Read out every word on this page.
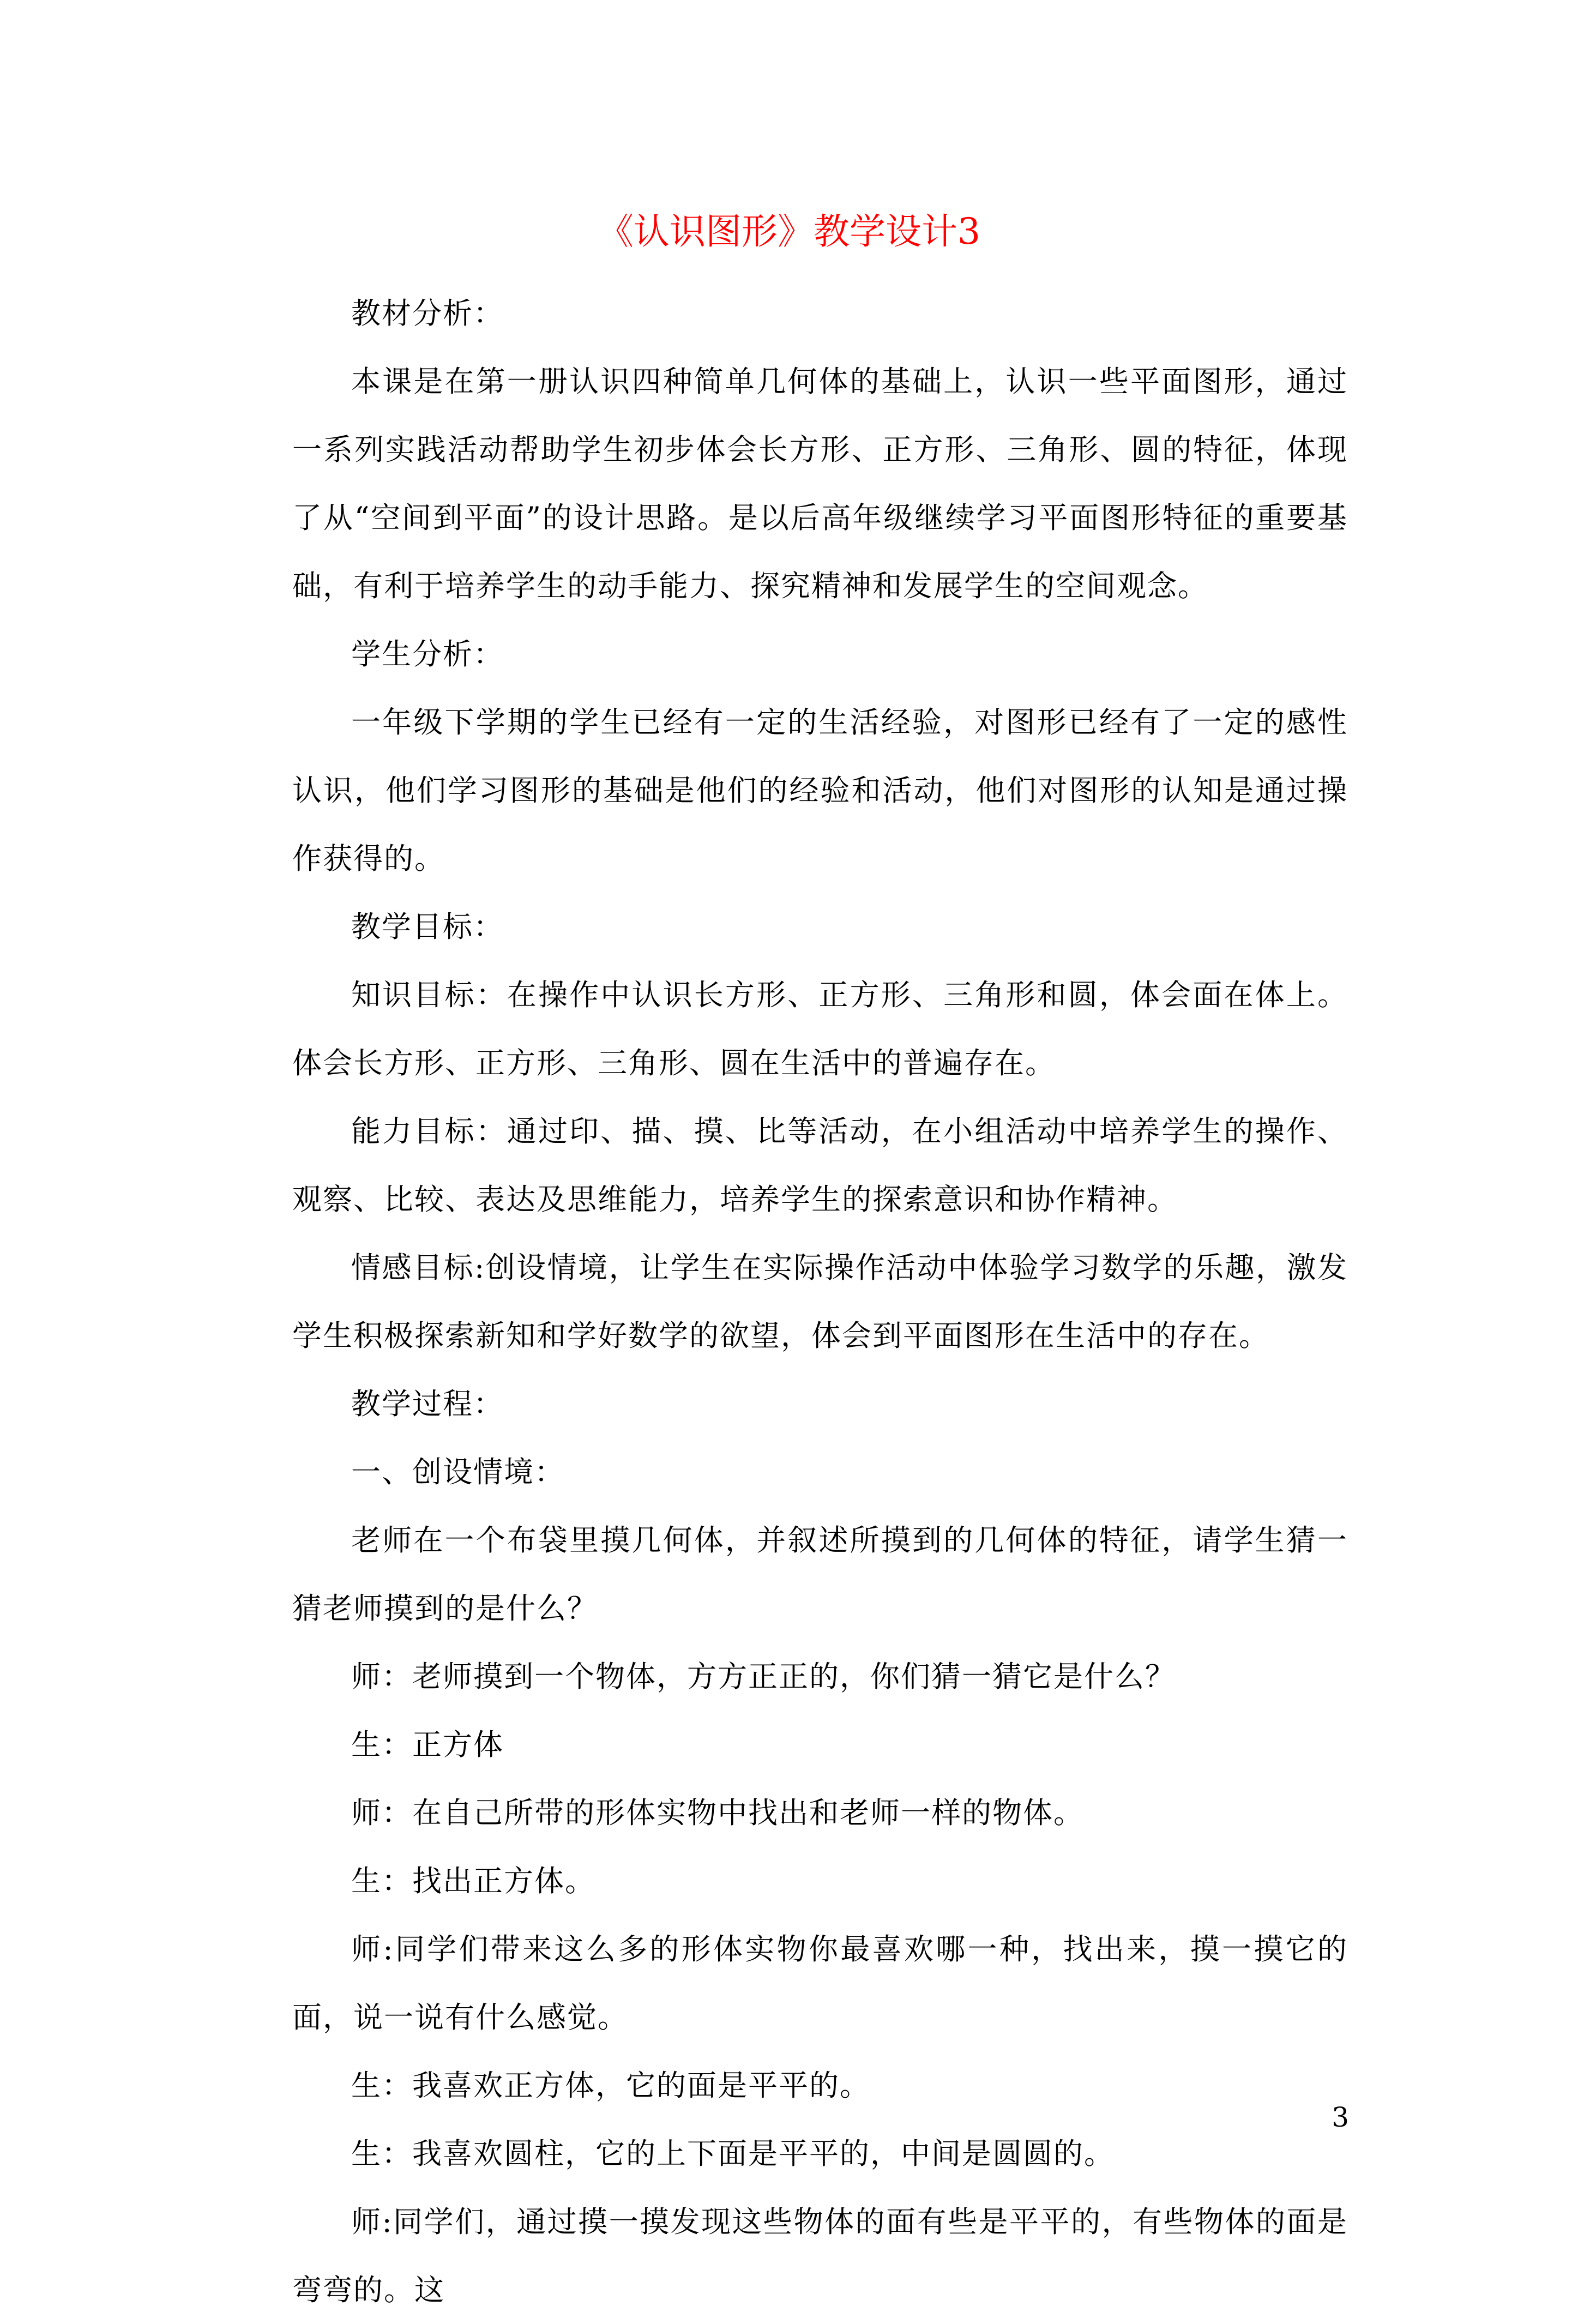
《认识图形》教学设计3

教材分析：

本课是在第一册认识四种简单几何体的基础上，认识一些平面图形，通过一系列实践活动帮助学生初步体会长方形、正方形、三角形、圆的特征，体现了从“空间到平面”的设计思路。是以后高年级继续学习平面图形特征的重要基础，有利于培养学生的动手能力、探究精神和发展学生的空间观念。

学生分析：

一年级下学期的学生已经有一定的生活经验，对图形已经有了一定的感性认识，他们学习图形的基础是他们的经验和活动，他们对图形的认知是通过操作获得的。

教学目标：

知识目标：在操作中认识长方形、正方形、三角形和圆，体会面在体上。体会长方形、正方形、三角形、圆在生活中的普遍存在。

能力目标：通过印、描、摸、比等活动，在小组活动中培养学生的操作、观察、比较、表达及思维能力，培养学生的探索意识和协作精神。

情感目标:创设情境，让学生在实际操作活动中体验学习数学的乐趣，激发学生积极探索新知和学好数学的欲望，体会到平面图形在生活中的存在。

教学过程：

一、创设情境：

老师在一个布袋里摸几何体，并叙述所摸到的几何体的特征，请学生猜一猜老师摸到的是什么？

师：老师摸到一个物体，方方正正的，你们猜一猜它是什么？

生：正方体

师：在自己所带的形体实物中找出和老师一样的物体。

生：找出正方体。

师:同学们带来这么多的形体实物你最喜欢哪一种，找出来，摸一摸它的面，说一说有什么感觉。

生：我喜欢正方体，它的面是平平的。

生：我喜欢圆柱，它的上下面是平平的，中间是圆圆的。

师:同学们，通过摸一摸发现这些物体的面有些是平平的，有些物体的面是弯弯的。这

3
